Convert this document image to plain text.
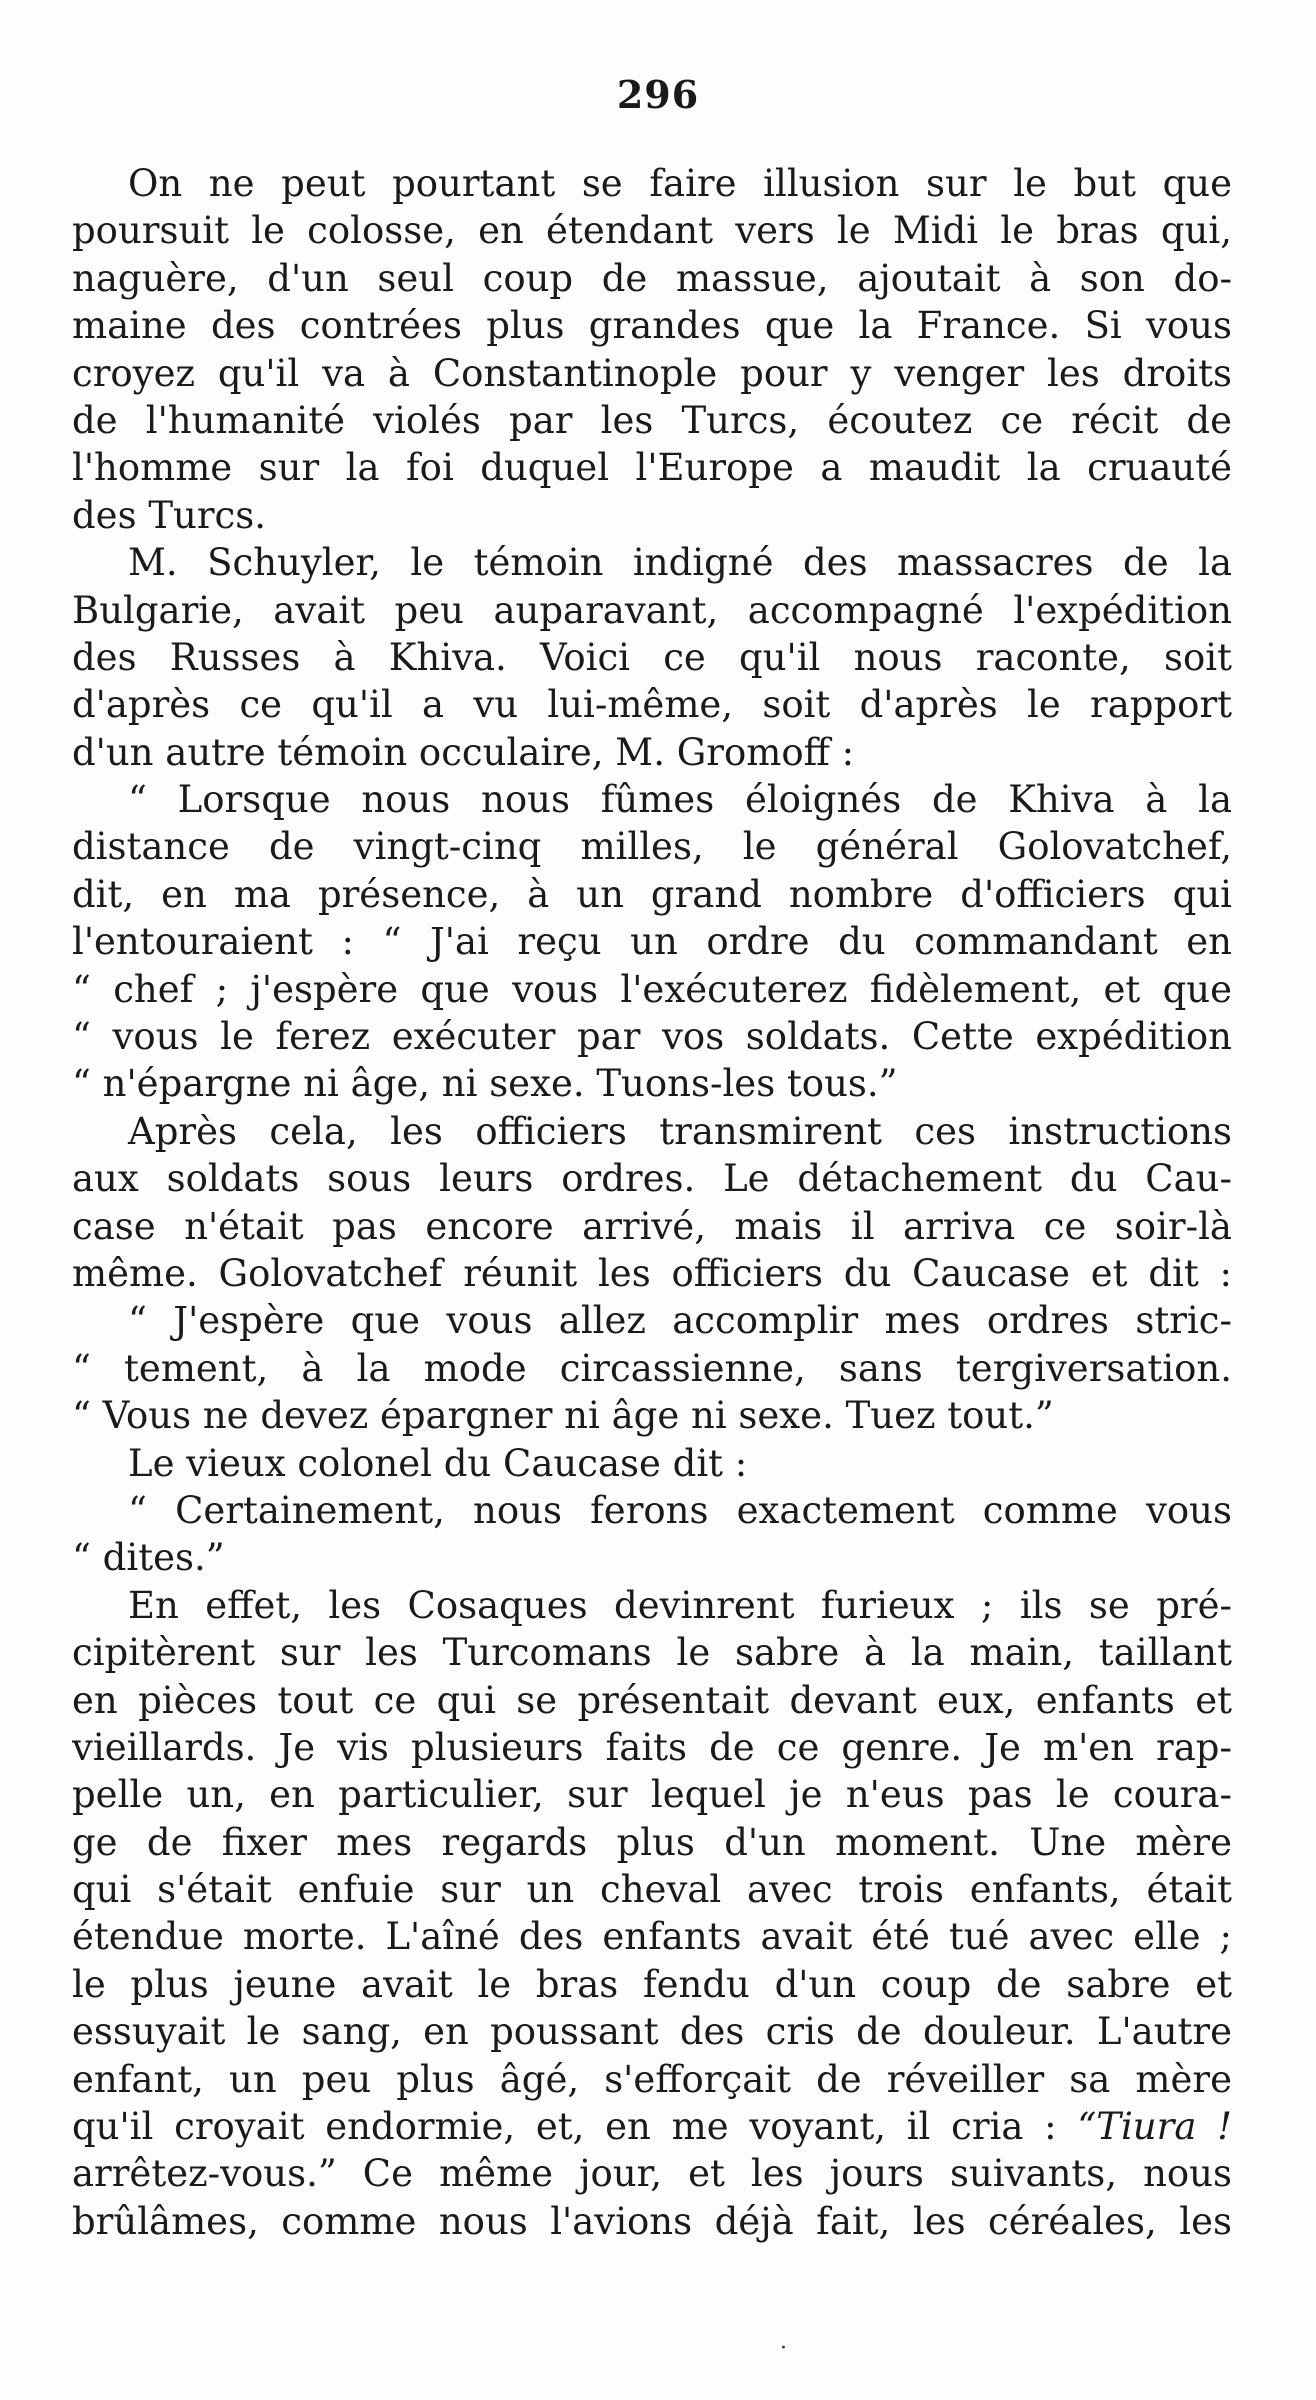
296
On ne peut pourtant se faire illusion sur le but que
poursuit le colosse, en étendant vers le Midi le bras qui,
naguère, d'un seul coup de massue, ajoutait à son do-
maine des contrées plus grandes que la France. Si vous
croyez qu'il va à Constantinople pour y venger les droits
de l'humanité violés par les Turcs, écoutez ce récit de
l'homme sur la foi duquel l'Europe a maudit la cruauté
des Turcs.
M. Schuyler, le témoin indigné des massacres de la
Bulgarie, avait peu auparavant, accompagné l'expédition
des Russes à Khiva. Voici ce qu'il nous raconte, soit
d'après ce qu'il a vu lui-même, soit d'après le rapport
d'un autre témoin occulaire, M. Gromoff :
“ Lorsque nous nous fûmes éloignés de Khiva à la
distance de vingt-cinq milles, le général Golovatchef,
dit, en ma présence, à un grand nombre d'officiers qui
l'entouraient : “ J'ai reçu un ordre du commandant en
“ chef ; j'espère que vous l'exécuterez fidèlement, et que
“ vous le ferez exécuter par vos soldats. Cette expédition
“ n'épargne ni âge, ni sexe. Tuons-les tous.”
Après cela, les officiers transmirent ces instructions
aux soldats sous leurs ordres. Le détachement du Cau-
case n'était pas encore arrivé, mais il arriva ce soir-là
même. Golovatchef réunit les officiers du Caucase et dit :
“ J'espère que vous allez accomplir mes ordres stric-
“ tement, à la mode circassienne, sans tergiversation.
“ Vous ne devez épargner ni âge ni sexe. Tuez tout.”
Le vieux colonel du Caucase dit :
“ Certainement, nous ferons exactement comme vous
“ dites.”
En effet, les Cosaques devinrent furieux ; ils se pré-
cipitèrent sur les Turcomans le sabre à la main, taillant
en pièces tout ce qui se présentait devant eux, enfants et
vieillards. Je vis plusieurs faits de ce genre. Je m'en rap-
pelle un, en particulier, sur lequel je n'eus pas le coura-
ge de fixer mes regards plus d'un moment. Une mère
qui s'était enfuie sur un cheval avec trois enfants, était
étendue morte. L'aîné des enfants avait été tué avec elle ;
le plus jeune avait le bras fendu d'un coup de sabre et
essuyait le sang, en poussant des cris de douleur. L'autre
enfant, un peu plus âgé, s'efforçait de réveiller sa mère
qu'il croyait endormie, et, en me voyant, il cria : “Tiura !
arrêtez-vous.” Ce même jour, et les jours suivants, nous
brûlâmes, comme nous l'avions déjà fait, les céréales, les
·
